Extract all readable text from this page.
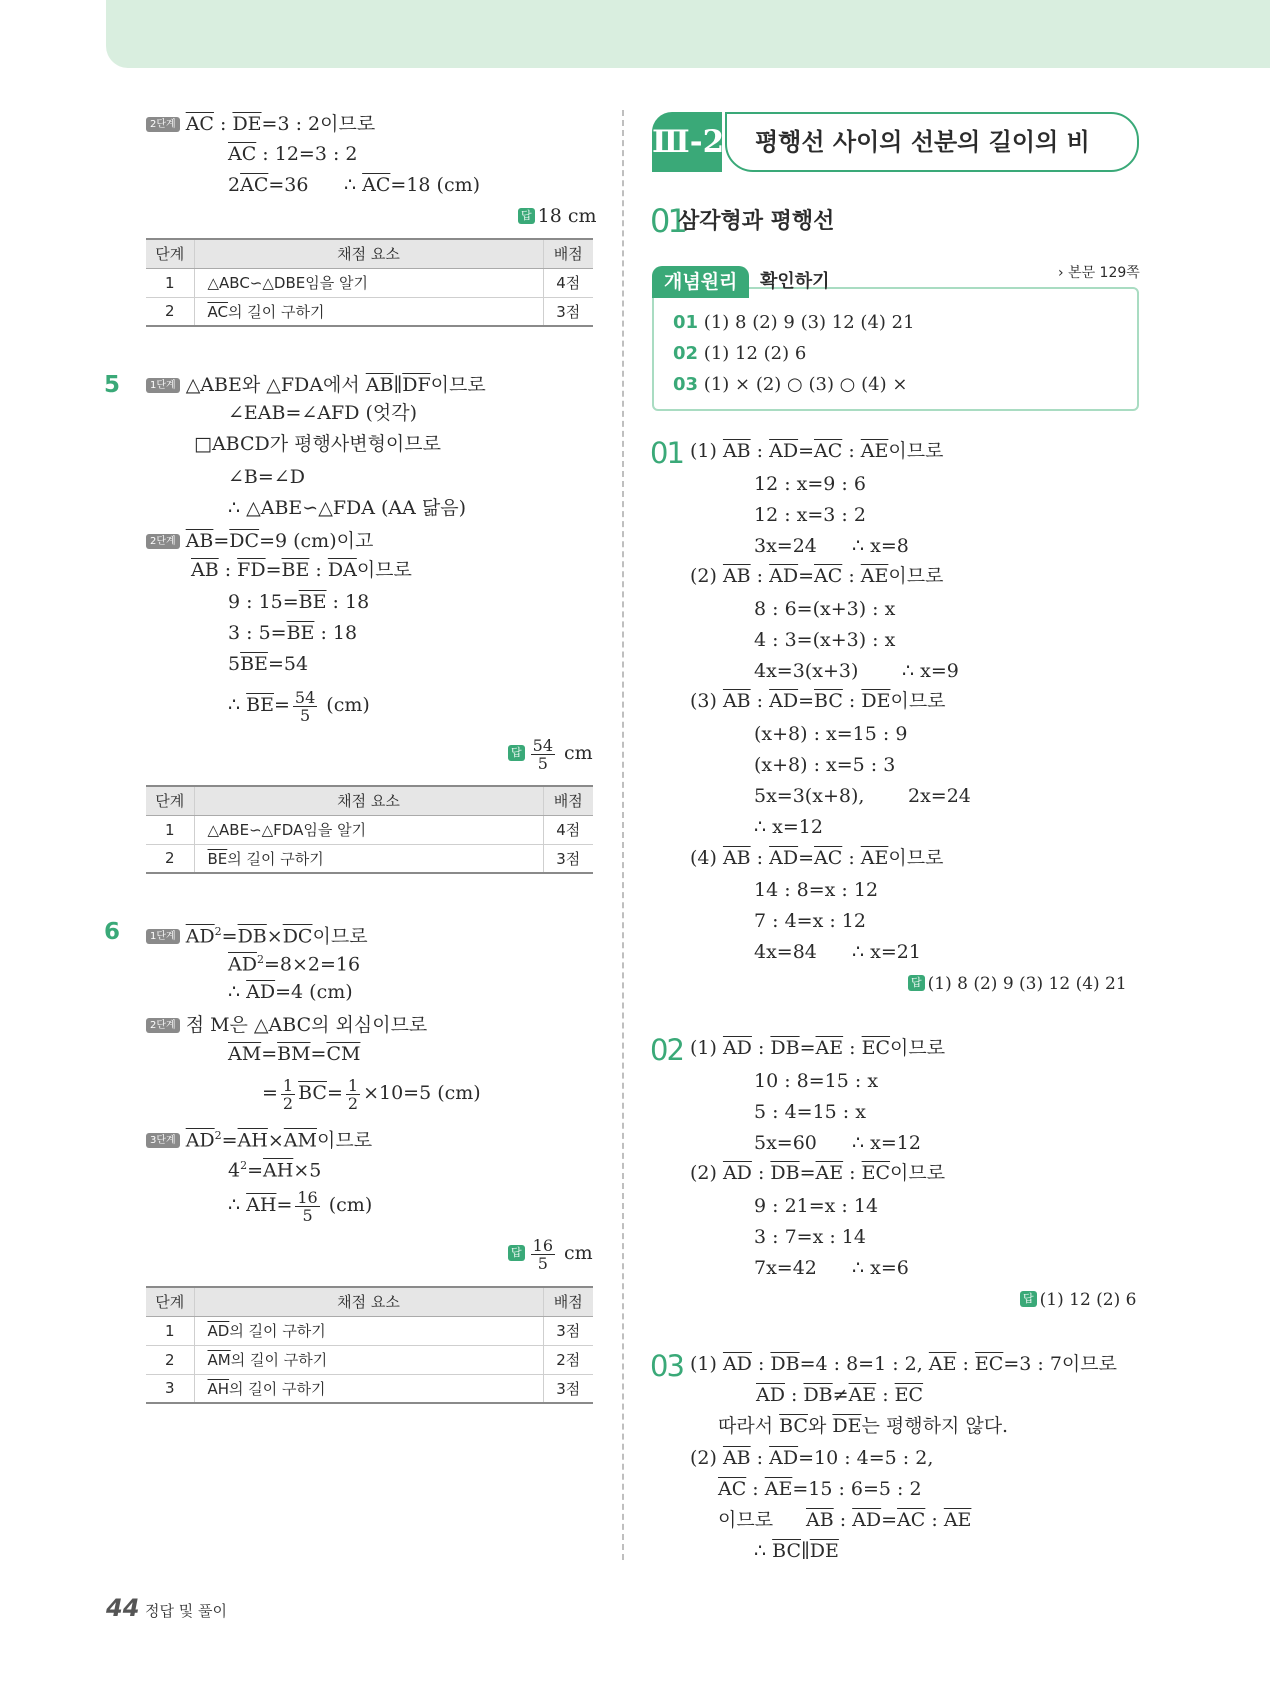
2단계 $\overline{AC}$ : $\overline{DE}=3$ : 2이므로
$\overline{AC}$ : 12=3 : 2
$2\overline{AC}=36$ ∴ $\overline{AC}=18$ (cm)
답 18 cm
단계	채점 요소	배점
1	△ABC∽△DBE임을 알기	4점
2	$\overline{AC}$의 길이 구하기	3점
5	1단계 △ABE와 △FDA에서 $\overline{AB}\parallel\overline{DF}$이므로
∠EAB=∠AFD (엇각)
□ABCD가 평행사변형이므로
∠B=∠D
∴ △ABE∽△FDA (AA 닮음)
2단계 $\overline{AB}=\overline{DC}=9$ (cm)이고
$\overline{AB}$ : $\overline{FD}=\overline{BE}$ : $\overline{DA}$이므로
9 : $15=\overline{BE}$ : 18
3 : $5=\overline{BE}$ : 18
$5\overline{BE}=54$
∴ $\overline{BE}= \frac{54}{5} (cm)$
답 $\frac{54}{5}$ cm
단계	채점 요소	배점
1	△ABE∽△FDA임을 알기	4점
2	$\overline{BE}$의 길이 구하기	3점
6	1단계 $\overline{AD}^2=\overline{DB}\times\overline{DC}$이므로
$\overline{AD}^2=8\times 2=16$
∴ $\overline{AD}=4$ (cm)
2단계 점 M은 △ABC의 외심이므로
$\overline{AM}=\overline{BM}=\overline{CM}$
= $\frac{1}{2} \overline{BC}= \frac{1}{2} \times 10=5$ (cm)
3단계 $\overline{AD}^2=\overline{AH}\times\overline{AM}$이므로
$4^2=\overline{AH}\times 5$
∴ $\overline{AH}= \frac{16}{5} (cm)$
답 $\frac{16}{5}$ cm
단계	채점 요소	배점
1	$\overline{AD}$의 길이 구하기	3점
2	$\overline{AM}$의 길이 구하기	2점
3	$\overline{AH}$의 길이 구하기	3점
Ⅲ-2	평행선 사이의 선분의 길이의 비
01
삼각형과 평행선
개념원리	확인하기	› 본문 129쪽
01 (1) 8 (2) 9 (3) 12 (4) 21
02 (1) 12 (2) 6
03 (1) × (2) ○ (3) ○ (4) ×
01 (1) $\overline{AB}$ : $\overline{AD}=\overline{AC}$ : $\overline{AE}$이므로
12 : x=9 : 6
12 : x=3 : 2
3x=24 ∴ x=8
(2) $\overline{AB}$ : $\overline{AD}=\overline{AC}$ : $\overline{AE}$이므로
8 : 6=(x+3) : x
4 : 3=(x+3) : x
4x=3(x+3) ∴ x=9
(3) $\overline{AB}$ : $\overline{AD}=\overline{BC}$ : $\overline{DE}$이므로
(x+8) : x=15 : 9
(x+8) : x=5 : 3
5x=3(x+8), 2x=24
∴ x=12
(4) $\overline{AB}$ : $\overline{AD}=\overline{AC}$ : $\overline{AE}$이므로
14 : 8=x : 12
7 : 4=x : 12
4x=84 ∴ x=21
답 (1) 8 (2) 9 (3) 12 (4) 21
02 (1) $\overline{AD}$ : $\overline{DB}=\overline{AE}$ : $\overline{EC}$이므로
10 : 8=15 : x
5 : 4=15 : x
5x=60 ∴ x=12
(2) $\overline{AD}$ : $\overline{DB}=\overline{AE}$ : $\overline{EC}$이므로
9 : 21=x : 14
3 : 7=x : 14
7x=42 ∴ x=6
답 (1) 12 (2) 6
03 (1) $\overline{AD}$ : $\overline{DB}=4$ : 8=1 : 2, $\overline{AE}$ : $\overline{EC}=3$ : 7이므로
$\overline{AD}$ : $\overline{DB}\ne\overline{AE}$ : $\overline{EC}$
따라서 $\overline{BC}$와 $\overline{DE}$는 평행하지 않다.
(2) $\overline{AB}$ : $\overline{AD}=10$ : 4=5 : 2,
$\overline{AC}$ : $\overline{AE}=15$ : 6=5 : 2
이므로 $\overline{AB}$ : $\overline{AD}=\overline{AC}$ : $\overline{AE}$
∴ $\overline{BC}\parallel\overline{DE}$
44 정답 및 풀이
